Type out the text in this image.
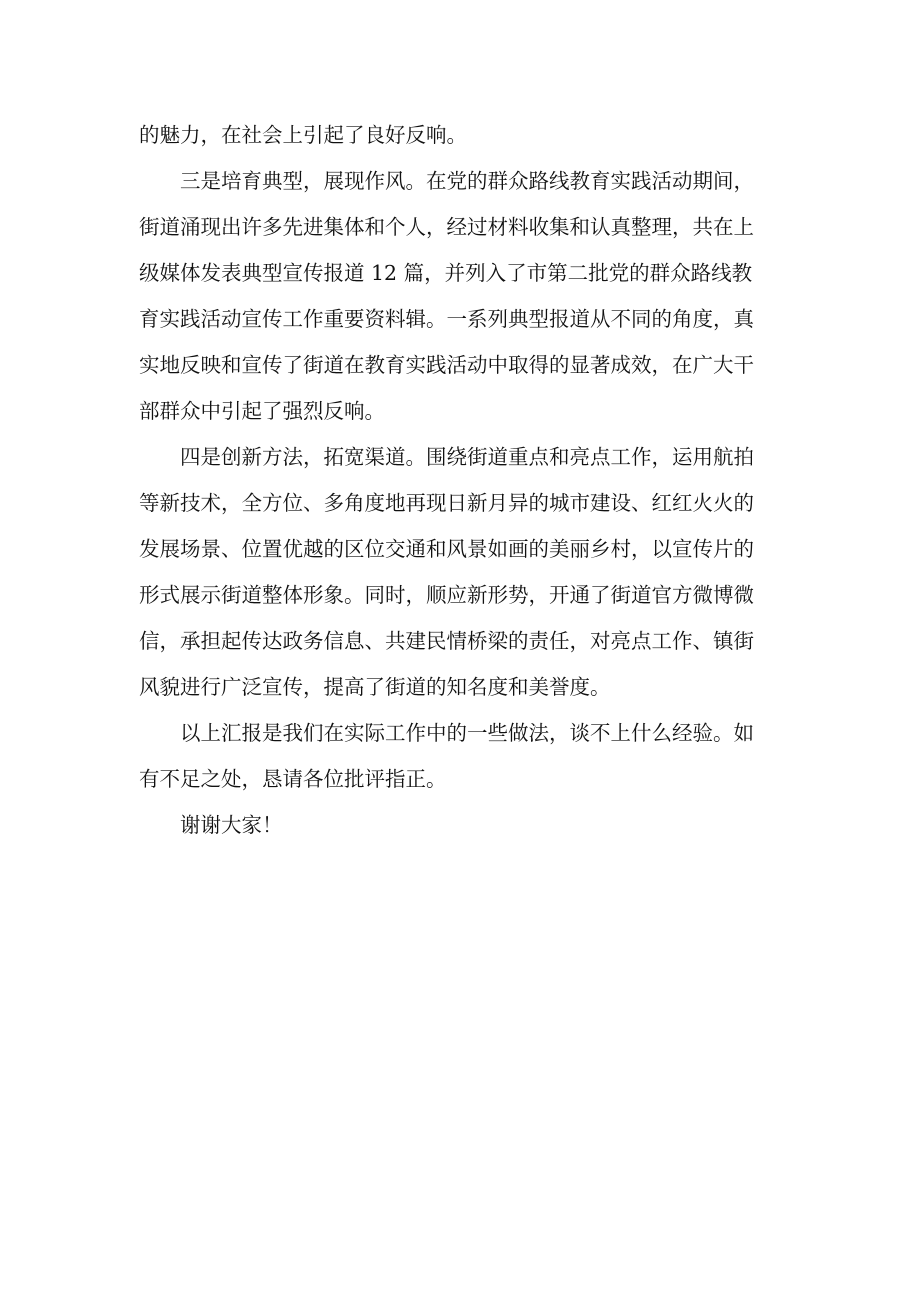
的魅力，在社会上引起了良好反响。
三是培育典型，展现作风。在党的群众路线教育实践活动期间，
街道涌现出许多先进集体和个人，经过材料收集和认真整理，共在上
级媒体发表典型宣传报道 12 篇，并列入了市第二批党的群众路线教
育实践活动宣传工作重要资料辑。一系列典型报道从不同的角度，真
实地反映和宣传了街道在教育实践活动中取得的显著成效，在广大干
部群众中引起了强烈反响。
四是创新方法，拓宽渠道。围绕街道重点和亮点工作，运用航拍
等新技术，全方位、多角度地再现日新月异的城市建设、红红火火的
发展场景、位置优越的区位交通和风景如画的美丽乡村，以宣传片的
形式展示街道整体形象。同时，顺应新形势，开通了街道官方微博微
信，承担起传达政务信息、共建民情桥梁的责任，对亮点工作、镇街
风貌进行广泛宣传，提高了街道的知名度和美誉度。
以上汇报是我们在实际工作中的一些做法，谈不上什么经验。如
有不足之处，恳请各位批评指正。
谢谢大家！
